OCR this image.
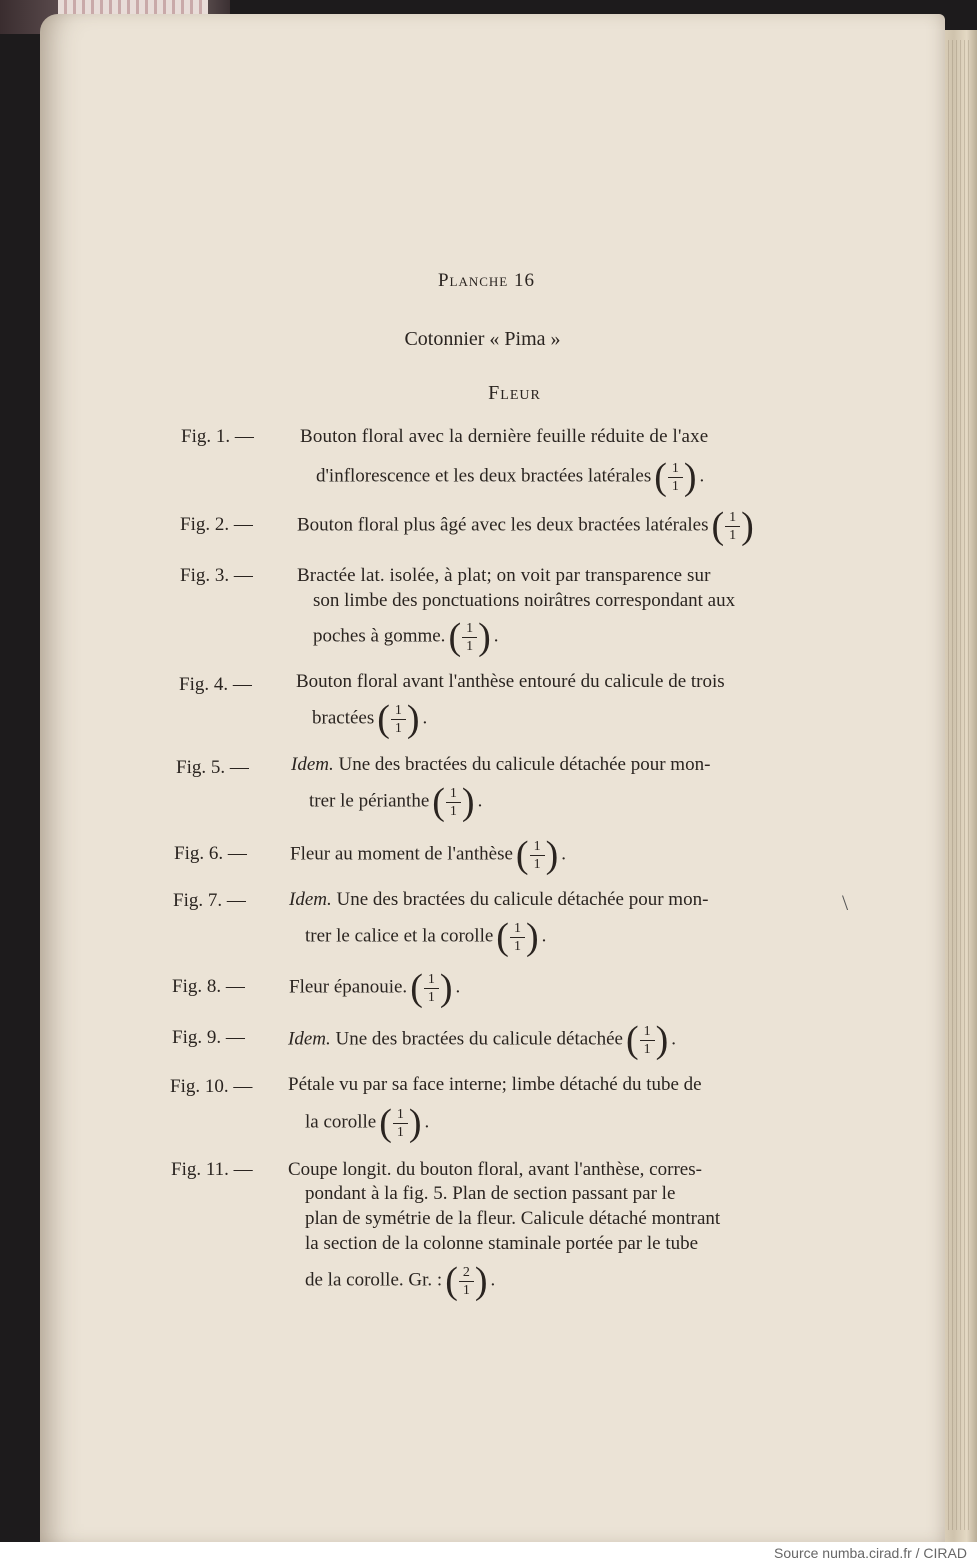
Planche 16
Cotonnier « Pima »
Fleur
Fig. 1. — Bouton floral avec la dernière feuille réduite de l'axe
d'inflorescence et les deux bractées latérales( $\frac{1}{1}$ ) .
Fig. 2. — Bouton floral plus âgé avec les deux bractées latérales( $\frac{1}{1}$ )
Fig. 3. — Bractée lat. isolée, à plat; on voit par transparence sur
son limbe des ponctuations noirâtres correspondant aux
poches à gomme.( $\frac{1}{1}$ ) .
Fig. 4. — Bouton floral avant l'anthèse entouré du calicule de trois
bractées( $\frac{1}{1}$ ) .
Fig. 5. — Idem. Une des bractées du calicule détachée pour mon-
trer le périanthe( $\frac{1}{1}$ ) .
Fig. 6. — Fleur au moment de l'anthèse( $\frac{1}{1}$ ) .
Fig. 7. — Idem. Une des bractées du calicule détachée pour mon-
trer le calice et la corolle( $\frac{1}{1}$ ) .
Fig. 8. — Fleur épanouie.( $\frac{1}{1}$ ) .
Fig. 9. — Idem. Une des bractées du calicule détachée( $\frac{1}{1}$ ) .
Fig. 10. — Pétale vu par sa face interne; limbe détaché du tube de
la corolle( $\frac{1}{1}$ ) .
Fig. 11. — Coupe longit. du bouton floral, avant l'anthèse, corres-
pondant à la fig. 5. Plan de section passant par le
plan de symétrie de la fleur. Calicule détaché montrant
la section de la colonne staminale portée par le tube
de la corolle. Gr. :( $\frac{2}{1}$ ) .
\
Source numba.cirad.fr / CIRAD
